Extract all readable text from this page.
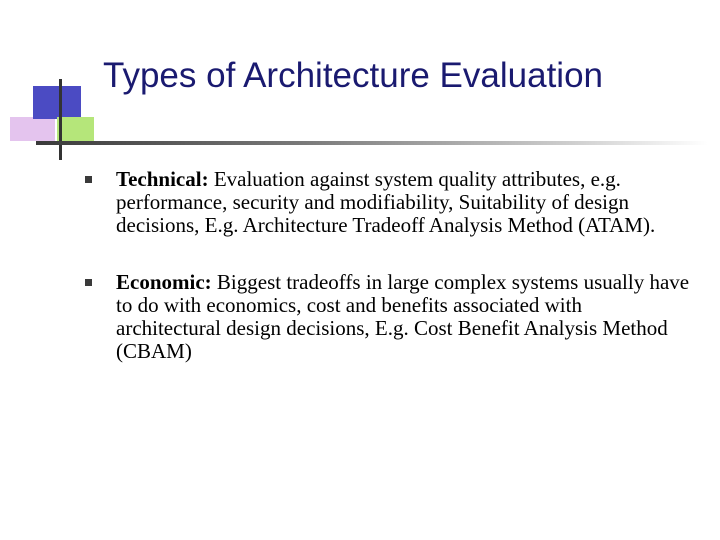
Types of Architecture Evaluation
Technical: Evaluation against system quality attributes, e.g. performance, security and modifiability, Suitability of design decisions, E.g. Architecture Tradeoff Analysis Method (ATAM).
Economic: Biggest tradeoffs in large complex systems usually have to do with economics, cost and benefits associated with architectural design decisions, E.g. Cost Benefit Analysis Method (CBAM)
